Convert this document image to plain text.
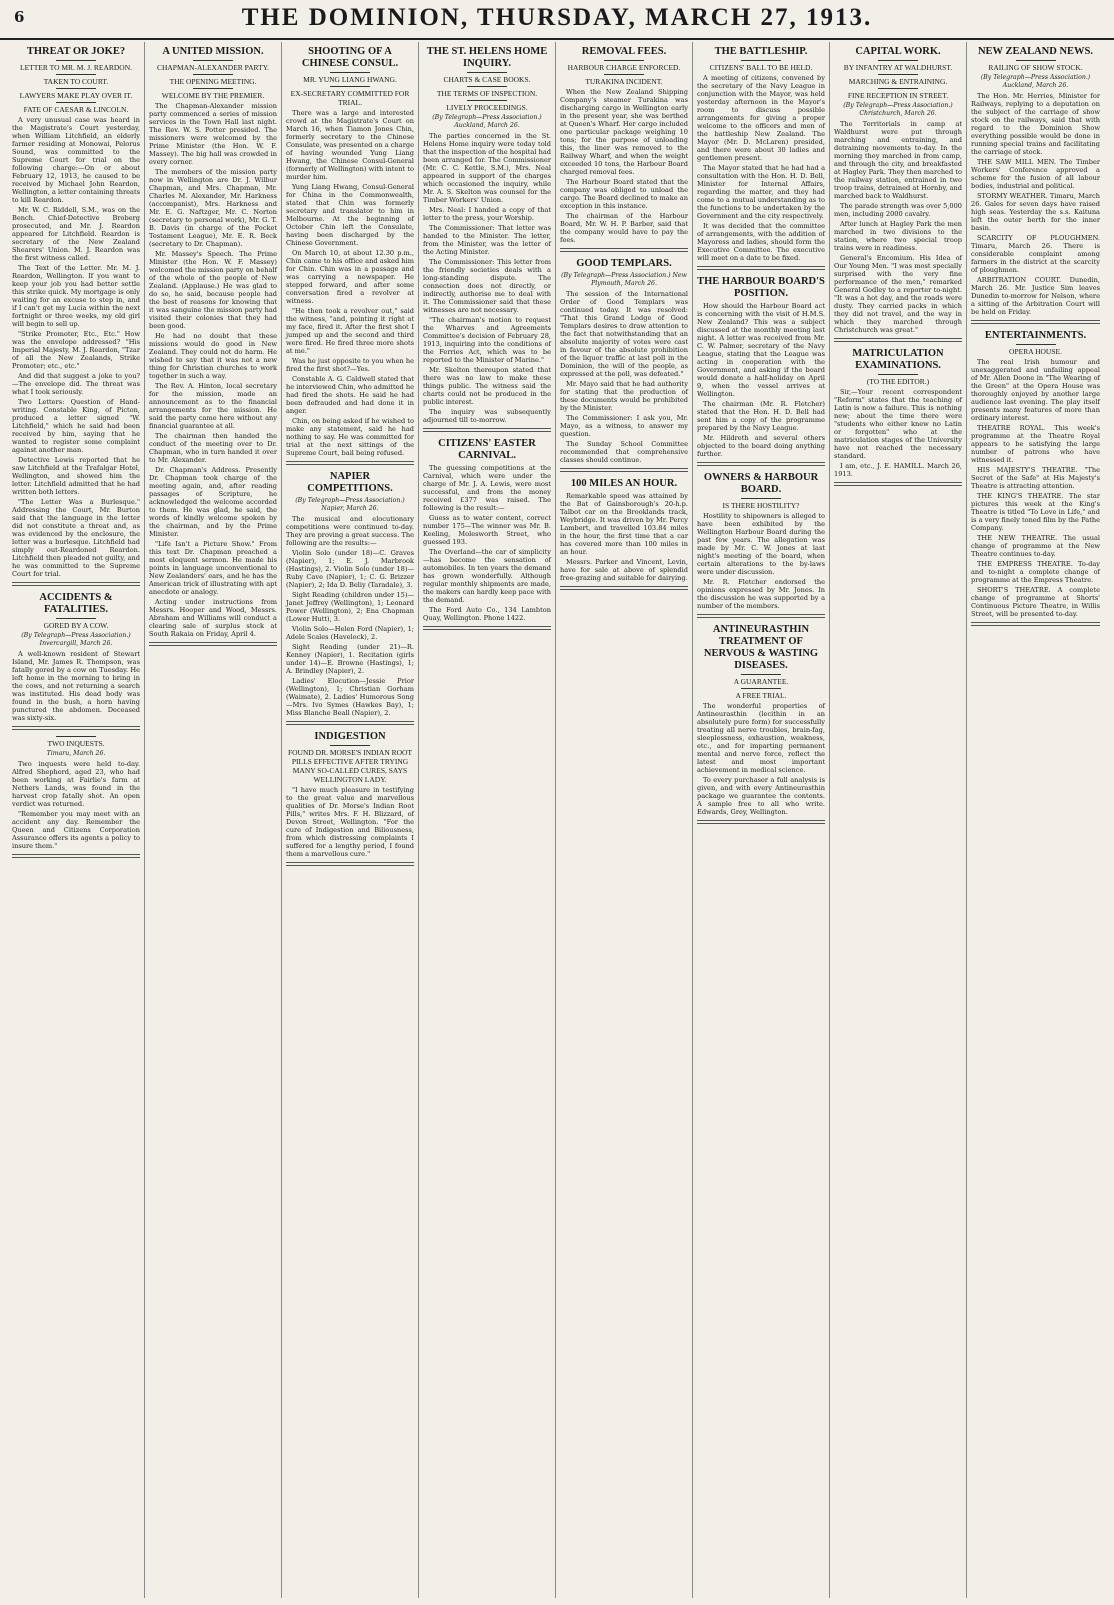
6	THE DOMINION, THURSDAY, MARCH 27, 1913.
THREAT OR JOKE?
LETTER TO MR. M. J. REARDON.
TAKEN TO COURT.
LAWYERS MAKE PLAY OVER IT.
FATE OF CAESAR & LINCOLN.

A very unusual case was heard in the Magistrate's Court yesterday, when William Litchfield, an elderly farmer residing at Monowai, Pelorus Sound, was committed to the Supreme Court for trial on the following charge:—On or about February 12, 1913, he caused to be received by Michael John Reardon, Wellington, a letter containing threats to kill Reardon.

Mr. W. C. Riddell, S.M., was on the Bench. Chief-Detective Broberg prosecuted, and Mr. J. Reardon appeared for Litchfield. Reardon is secretary of the New Zealand Shearers' Union. M. J. Reardon was the first witness called.

The Text of the Letter. Mr. M. J. Reardon, Wellington. If you want to keep your job you had better settle this strike quick. My mortgage is only waiting for an excuse to step in, and if I can't get my Lucia within the next fortnight or three weeks, my old girl will begin to sell up.

"Strike Promoter, Etc., Etc." How was the envelope addressed? "His Imperial Majesty, M. J. Reardon, "Tzar of all the New Zealands, Strike Promoter; etc., etc."

And did that suggest a joke to you?—The envelope did. The threat was what I took seriously.

Two Letters: Question of Hand-writing. Constable King, of Picton, produced a letter signed "W. Litchfield," which he said had been received by him, saying that he wanted to register some complaint against another man.

Detective Lewis reported that he saw Litchfield at the Trafalgar Hotel, Wellington, and showed him the letter. Litchfield admitted that he had written both letters.

"The Letter Was a Burlesque." Addressing the Court, Mr. Burton said that the language in the letter did not constitute a threat and, as was evidenced by the enclosure, the letter was a burlesque. Litchfield had simply out-Reardoned Reardon. Litchfield then pleaded not guilty, and he was committed to the Supreme Court for trial.

ACCIDENTS & FATALITIES.
GORED BY A COW.
(By Telegraph—Press Association.) Invercargill, March 26.

A well-known resident of Stewart Island, Mr. James R. Thompson, was fatally gored by a cow on Tuesday. He left home in the morning to bring in the cows, and not returning a search was instituted. His dead body was found in the bush, a horn having punctured the abdomen. Deceased was sixty-six.

TWO INQUESTS.
Timaru, March 26.

Two inquests were held to-day. Alfred Shepherd, aged 23, who had been working at Fairlie's farm at Nethers Lands, was found in the harvest crop fatally shot. An open verdict was returned.

"Remember you may meet with an accident any day. Remember the Queen and Citizens Corporation Assurance offers its agents a policy to insure them."

A UNITED MISSION.
CHAPMAN-ALEXANDER PARTY.
THE OPENING MEETING.
WELCOME BY THE PREMIER.

The Chapman-Alexander mission party commenced a series of mission services in the Town Hall last night. The Rev. W. S. Potter presided. The missioners were welcomed by the Prime Minister (the Hon. W. F. Massey). The big hall was crowded in every corner.

The members of the mission party now in Wellington are Dr. J. Wilbur Chapman, and Mrs. Chapman, Mr. Charles M. Alexander, Mr. Harkness (accompanist), Mrs. Harkness and Mr. E. G. Naftzger, Mr. C. Norton (secretary to personal work), Mr. G. T. B. Davis (in charge of the Pocket Testament League), Mr. E. R. Beck (secretary to Dr. Chapman).

Mr. Massey's Speech. The Prime Minister (the Hon. W. F. Massey) welcomed the mission party on behalf of the whole of the people of New Zealand. (Applause.) He was glad to do so, he said, because people had the best of reasons for knowing that it was sanguine the mission party had visited their colonies that they had been good.

He had no doubt that these missions would do good in New Zealand. They could not do harm. He wished to say that it was not a new thing for Christian churches to work together in such a way.

The Rev. A. Hinton, local secretary for the mission, made an announcement as to the financial arrangements for the mission. He said the party came here without any financial guarantee at all.

The chairman then handed the conduct of the meeting over to Dr. Chapman, who in turn handed it over to Mr. Alexander.

Dr. Chapman's Address. Presently Dr. Chapman took charge of the meeting again, and, after reading passages of Scripture, he acknowledged the welcome accorded to them. He was glad, he said, the words of kindly welcome spoken by the chairman, and by the Prime Minister.

"Life Isn't a Picture Show." From this text Dr. Chapman preached a most eloquent sermon. He made his points in language unconventional to New Zealanders' ears, and he has the American trick of illustrating with apt anecdote or analogy.

Acting under instructions from Messrs. Hooper and Wood, Messrs. Abraham and Williams will conduct a clearing sale of surplus stock at South Rakaia on Friday, April 4.

SHOOTING OF A CHINESE CONSUL.
MR. YUNG LIANG HWANG.
EX-SECRETARY COMMITTED FOR TRIAL.

There was a large and interested crowd at the Magistrate's Court on March 16, when Tiamon Jones Chin, formerly secretary to the Chinese Consulate, was presented on a charge of having wounded Yung Liang Hwang, the Chinese Consul-General (formerly of Wellington) with intent to murder him.

Yung Liang Hwang, Consul-General for China in the Commonwealth, stated that Chin was formerly secretary and translator to him in Melbourne. At the beginning of October Chin left the Consulate, having been discharged by the Chinese Government.

On March 10, at about 12.30 p.m., Chin came to his office and asked him for Chin. Chin was in a passage and was carrying a newspaper. He stepped forward, and after some conversation fired a revolver at witness.

"He then took a revolver out," said the witness, "and, pointing it right at my face, fired it. After the first shot I jumped up and the second and third were fired. He fired three more shots at me."

Was he just opposite to you when he fired the first shot?—Yes.

Constable A. G. Caldwell stated that he interviewed Chin, who admitted he had fired the shots. He said he had been defrauded and had done it in anger.

Chin, on being asked if he wished to make any statement, said he had nothing to say. He was committed for trial at the next sittings of the Supreme Court, bail being refused.

NAPIER COMPETITIONS.
(By Telegraph—Press Association.) Napier, March 26.

The musical and elocutionary competitions were continued to-day. They are proving a great success. The following are the results:—

Violin Solo (under 18)—C. Graves (Napier), 1; E. J. Marbrook (Hastings), 2. Violin Solo (under 18)—Ruby Cave (Napier), 1; C. G. Brizzer (Napier), 2; Ida D. Beliy (Taradale), 3.

Sight Reading (children under 15)—Janet Jeffrey (Wellington), 1; Leonard Power (Wellington), 2; Ena Chapman (Lower Hutt), 3.

Violin Solo—Helen Ford (Napier), 1; Adele Scales (Havelock), 2.

Sight Reading (under 21)—R. Kenney (Napier), 1. Recitation (girls under 14)—E. Browne (Hastings), 1; A. Brindley (Napier), 2.

Ladies' Elocution—Jessie Prior (Wellington), 1; Christian Gorham (Waimate), 2. Ladies' Humorous Song—Mrs. Ivo Symes (Hawkes Bay), 1; Miss Blanche Beall (Napier), 2.

INDIGESTION
FOUND DR. MORSE'S INDIAN ROOT PILLS EFFECTIVE AFTER TRYING MANY SO-CALLED CURES, SAYS WELLINGTON LADY.

"I have much pleasure in testifying to the great value and marvellous qualities of Dr. Morse's Indian Root Pills," writes Mrs. F. H. Blizzard, of Devon Street, Wellington. "For the cure of Indigestion and Biliousness, from which distressing complaints I suffered for a lengthy period, I found them a marvellous cure."

THE ST. HELENS HOME INQUIRY.
CHARTS & CASE BOOKS.
THE TERMS OF INSPECTION.
LIVELY PROCEEDINGS.
(By Telegraph—Press Association.) Auckland, March 26.

The parties concerned in the St. Helens Home inquiry were today told that the inspection of the hospital had been arranged for. The Commissioner (Mr. C. C. Kettle, S.M.), Mrs. Neal appeared in support of the charges which occasioned the inquiry, while Mr. A. S. Skelton was counsel for the Timber Workers' Union.

Mrs. Neal: I handed a copy of that letter to the press, your Worship.

The Commissioner: That letter was handed to the Minister. The letter, from the Minister, was the letter of the Acting Minister.

The Commissioner: This letter from the friendly societies deals with a long-standing dispute. The connection does not directly, or indirectly, authorise me to deal with it. The Commissioner said that these witnesses are not necessary.

"The chairman's motion to request the Wharves and Agreements Committee's decision of February 28, 1913, inquiring into the conditions of the Ferries Act, which was to be reported to the Minister of Marine."

Mr. Skelton thereupon stated that there was no law to make these things public. The witness said the charts could not be produced in the public interest.

The inquiry was subsequently adjourned till to-morrow.

CITIZENS' EASTER CARNIVAL.

The guessing competitions at the Carnival, which were under the charge of Mr. J. A. Lewis, were most successful, and from the money received £377 was raised. The following is the result:—

Guess as to water content, correct number 175—The winner was Mr. B. Keeling, Molesworth Street, who guessed 193.

The Overland—the car of simplicity—has become the sensation of automobiles. In ten years the demand has grown wonderfully. Although regular monthly shipments are made, the makers can hardly keep pace with the demand.

The Ford Auto Co., 134 Lambton Quay, Wellington. Phone 1422.

REMOVAL FEES.
HARBOUR CHARGE ENFORCED.
TURAKINA INCIDENT.

When the New Zealand Shipping Company's steamer Turakina was discharging cargo in Wellington early in the present year, she was berthed at Queen's Wharf. Her cargo included one particular package weighing 10 tons; for the purpose of unloading this, the liner was removed to the Railway Wharf, and when the weight exceeded 10 tons, the Harbour Board charged removal fees.

The Harbour Board stated that the company was obliged to unload the cargo. The Board declined to make an exception in this instance.

The chairman of the Harbour Board, Mr. W. H. P. Barber, said that the company would have to pay the fees.

GOOD TEMPLARS.
(By Telegraph—Press Association.) New Plymouth, March 26.

The session of the International Order of Good Templars was continued today. It was resolved: "That this Grand Lodge of Good Templars desires to draw attention to the fact that notwithstanding that an absolute majority of votes were cast in favour of the absolute prohibition of the liquor traffic at last poll in the Dominion, the will of the people, as expressed at the poll, was defeated."

Mr. Mayo said that he had authority for stating that the production of these documents would be prohibited by the Minister.

The Commissioner: I ask you, Mr. Mayo, as a witness, to answer my question.

The Sunday School Committee recommended that comprehensive classes should continue.

100 MILES AN HOUR.

Remarkable speed was attained by the Bat of Gainsborough's 20-h.p. Talbot car on the Brooklands track, Weybridge. It was driven by Mr. Percy Lambert, and travelled 103.84 miles in the hour, the first time that a car has covered more than 100 miles in an hour.

Messrs. Parker and Vincent, Levin, have for sale at above of splendid free-grazing and suitable for dairying.

THE BATTLESHIP.
CITIZENS' BALL TO BE HELD.

A meeting of citizens, convened by the secretary of the Navy League in conjunction with the Mayor, was held yesterday afternoon in the Mayor's room to discuss possible arrangements for giving a proper welcome to the officers and men of the battleship New Zealand. The Mayor (Mr. D. McLaren) presided, and there were about 30 ladies and gentlemen present.

The Mayor stated that he had had a consultation with the Hon. H. D. Bell, Minister for Internal Affairs, regarding the matter, and they had come to a mutual understanding as to the functions to be undertaken by the Government and the city respectively.

It was decided that the committee of arrangements, with the addition of Mayoress and ladies, should form the Executive Committee. The executive will meet on a date to be fixed.

THE HARBOUR BOARD'S POSITION.

How should the Harbour Board act is concerning with the visit of H.M.S. New Zealand? This was a subject discussed at the monthly meeting last night. A letter was received from Mr. C. W. Palmer, secretary of the Navy League, stating that the League was acting in cooperation with the Government, and asking if the board would donate a half-holiday on April 9, when the vessel arrives at Wellington.

The chairman (Mr. R. Fletcher) stated that the Hon. H. D. Bell had sent him a copy of the programme prepared by the Navy League.

Mr. Hildreth and several others objected to the board doing anything further.

OWNERS & HARBOUR BOARD.
IS THERE HOSTILITY?

Hostility to shipowners is alleged to have been exhibited by the Wellington Harbour Board during the past few years. The allegation was made by Mr. C. W. Jones at last night's meeting of the board, when certain alterations to the by-laws were under discussion.

Mr. R. Fletcher endorsed the opinions expressed by Mr. Jones. In the discussion he was supported by a number of the members.

ANTINEURASTHIN TREATMENT OF NERVOUS & WASTING DISEASES.
A GUARANTEE.
A FREE TRIAL.

The wonderful properties of Antineurasthin (lecithin in an absolutely pure form) for successfully treating all nerve troubles, brain-fag, sleeplessness, exhaustion, weakness, etc., and for imparting permanent mental and nerve force, reflect the latest and most important achievement in medical science.

To every purchaser a full analysis is given, and with every Antineurasthin package we guarantee the contents. A sample free to all who write. Edwards, Grey, Wellington.

CAPITAL WORK.
BY INFANTRY AT WALDHURST.
MARCHING & ENTRAINING.
FINE RECEPTION IN STREET.
(By Telegraph—Press Association.) Christchurch, March 26.

The Territorials in camp at Waldhurst were put through marching and entraining, and detraining movements to-day. In the morning they marched in from camp, and through the city, and breakfasted at Hagley Park. They then marched to the railway station, entrained in two troop trains, detrained at Hornby, and marched back to Waldhurst.

The parade strength was over 5,000 men, including 2000 cavalry.

After lunch at Hagley Park the men marched in two divisions to the station, where two special troop trains were in readiness.

General's Encomium. His Idea of Our Young Men. "I was most specially surprised with the very fine performance of the men," remarked General Godley to a reporter to-night. "It was a hot day, and the roads were dusty. They carried packs in which they did not travel, and the way in which they marched through Christchurch was great."

MATRICULATION EXAMINATIONS.
(TO THE EDITOR.)

Sir,—Your recent correspondent "Reform" states that the teaching of Latin is now a failure. This is nothing new; about the time there were "students who either knew no Latin or forgotten" who at the matriculation stages of the University have not reached the necessary standard.

I am, etc., J. E. HAMILL. March 26, 1913.

NEW ZEALAND NEWS.
RAILING OF SHOW STOCK.
(By Telegraph—Press Association.) Auckland, March 26.

The Hon. Mr. Herries, Minister for Railways, replying to a deputation on the subject of the carriage of show stock on the railways, said that with regard to the Dominion Show everything possible would be done in running special trains and facilitating the carriage of stock.

THE SAW MILL MEN. The Timber Workers' Conference approved a scheme for the fusion of all labour bodies, industrial and political.

STORMY WEATHER. Timaru, March 26. Gales for seven days have raised high seas. Yesterday the s.s. Kaituna left the outer berth for the inner basin.

SCARCITY OF PLOUGHMEN. Timaru, March 26. There is considerable complaint among farmers in the district at the scarcity of ploughmen.

ARBITRATION COURT. Dunedin, March 26. Mr. Justice Sim leaves Dunedin to-morrow for Nelson, where a sitting of the Arbitration Court will be held on Friday.

ENTERTAINMENTS.
OPERA HOUSE.

The real Irish humour and unexaggerated and unfailing appeal of Mr. Allen Doone in "The Wearing of the Green" at the Opera House was thoroughly enjoyed by another large audience last evening. The play itself presents many features of more than ordinary interest.

THEATRE ROYAL. This week's programme at the Theatre Royal appears to be satisfying the large number of patrons who have witnessed it.

HIS MAJESTY'S THEATRE. "The Secret of the Safe" at His Majesty's Theatre is attracting attention.

THE KING'S THEATRE. The star pictures this week at the King's Theatre is titled "To Love in Life," and is a very finely toned film by the Pathe Company.

THE NEW THEATRE. The usual change of programme at the New Theatre continues to-day.

THE EMPRESS THEATRE. To-day and to-night a complete change of programme at the Empress Theatre.

SHORT'S THEATRE. A complete change of programme at Shorts' Continuous Picture Theatre, in Willis Street, will be presented to-day.
